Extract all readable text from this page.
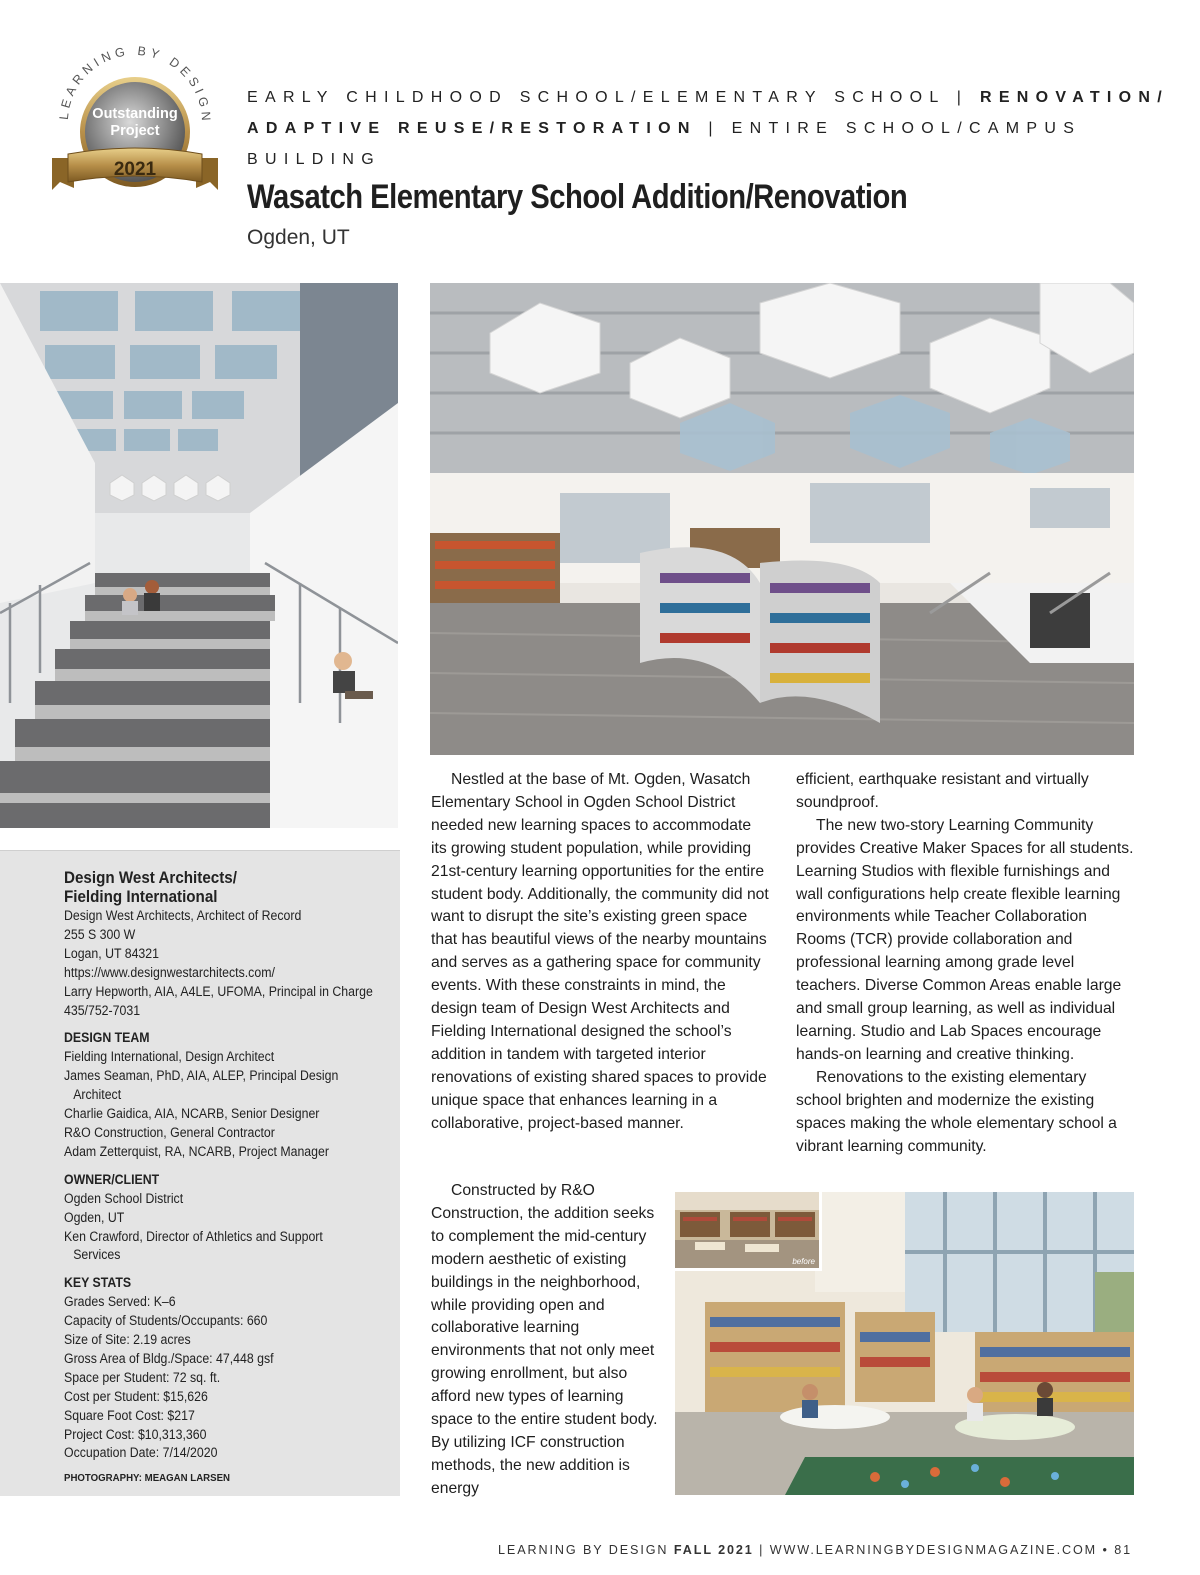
LEARNING BY DESIGN
Outstanding
Project
2021
EARLY CHILDHOOD SCHOOL/ELEMENTARY SCHOOL | RENOVATION/
ADAPTIVE REUSE/RESTORATION | ENTIRE SCHOOL/CAMPUS
BUILDING
Wasatch Elementary School Addition/Renovation
Ogden, UT
Design West Architects/
Fielding International
Design West Architects, Architect of Record
255 S 300 W
Logan, UT 84321
https://www.designwestarchitects.com/
Larry Hepworth, AIA, A4LE, UFOMA, Principal in Charge
435/752-7031
DESIGN TEAM
Fielding International, Design Architect
James Seaman, PhD, AIA, ALEP, Principal Design Architect
Charlie Gaidica, AIA, NCARB, Senior Designer
R&O Construction, General Contractor
Adam Zetterquist, RA, NCARB, Project Manager
OWNER/CLIENT
Ogden School District
Ogden, UT
Ken Crawford, Director of Athletics and Support Services
KEY STATS
Grades Served: K–6
Capacity of Students/Occupants: 660
Size of Site: 2.19 acres
Gross Area of Bldg./Space: 47,448 gsf
Space per Student: 72 sq. ft.
Cost per Student: $15,626
Square Foot Cost: $217
Project Cost: $10,313,360
Occupation Date: 7/14/2020
PHOTOGRAPHY: MEAGAN LARSEN

Nestled at the base of Mt. Ogden, Wasatch Elementary School in Ogden School District needed new learning spaces to accommodate its growing student population, while providing 21st-century learning opportunities for the entire student body. Additionally, the community did not want to disrupt the site’s existing green space that has beautiful views of the nearby mountains and serves as a gathering space for community events. With these constraints in mind, the design team of Design West Architects and Fielding International designed the school’s addition in tandem with targeted interior renovations of existing shared spaces to provide unique space that enhances learning in a collaborative, project-based manner.

Constructed by R&O Construction, the addition seeks to complement the mid-century modern aesthetic of existing buildings in the neighborhood, while providing open and collaborative learning environments that not only meet growing enrollment, but also afford new types of learning space to the entire student body. By utilizing ICF construction methods, the new addition is energy

efficient, earthquake resistant and virtually soundproof.

The new two-story Learning Community provides Creative Maker Spaces for all students. Learning Studios with flexible furnishings and wall configurations help create flexible learning environments while Teacher Collaboration Rooms (TCR) provide collaboration and professional learning among grade level teachers. Diverse Common Areas enable large and small group learning, as well as individual learning. Studio and Lab Spaces encourage hands-on learning and creative thinking.

Renovations to the existing elementary school brighten and modernize the existing spaces making the whole elementary school a vibrant learning community.

before
LEARNING BY DESIGN FALL 2021 | WWW.LEARNINGBYDESIGNMAGAZINE.COM • 81
